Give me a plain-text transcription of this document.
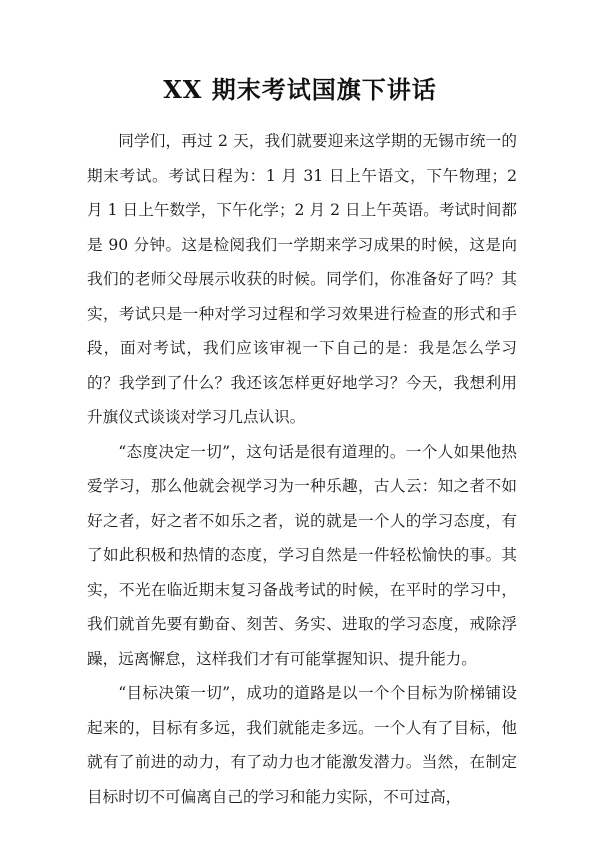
XX 期末考试国旗下讲话

同学们，再过 2 天，我们就要迎来这学期的无锡市统一的期末考试。考试日程为：1 月 31 日上午语文，下午物理；2 月 1 日上午数学，下午化学；2 月 2 日上午英语。考试时间都是 90 分钟。这是检阅我们一学期来学习成果的时候，这是向我们的老师父母展示收获的时候。同学们，你准备好了吗？其实，考试只是一种对学习过程和学习效果进行检查的形式和手段，面对考试，我们应该审视一下自己的是：我是怎么学习的？我学到了什么？我还该怎样更好地学习？今天，我想利用升旗仪式谈谈对学习几点认识。

“态度决定一切”，这句话是很有道理的。一个人如果他热爱学习，那么他就会视学习为一种乐趣，古人云：知之者不如好之者，好之者不如乐之者，说的就是一个人的学习态度，有了如此积极和热情的态度，学习自然是一件轻松愉快的事。其实，不光在临近期末复习备战考试的时候，在平时的学习中，我们就首先要有勤奋、刻苦、务实、进取的学习态度，戒除浮躁，远离懈怠，这样我们才有可能掌握知识、提升能力。

“目标决策一切”，成功的道路是以一个个目标为阶梯铺设起来的，目标有多远，我们就能走多远。一个人有了目标，他就有了前进的动力，有了动力也才能激发潜力。当然，在制定目标时切不可偏离自己的学习和能力实际，不可过高，
